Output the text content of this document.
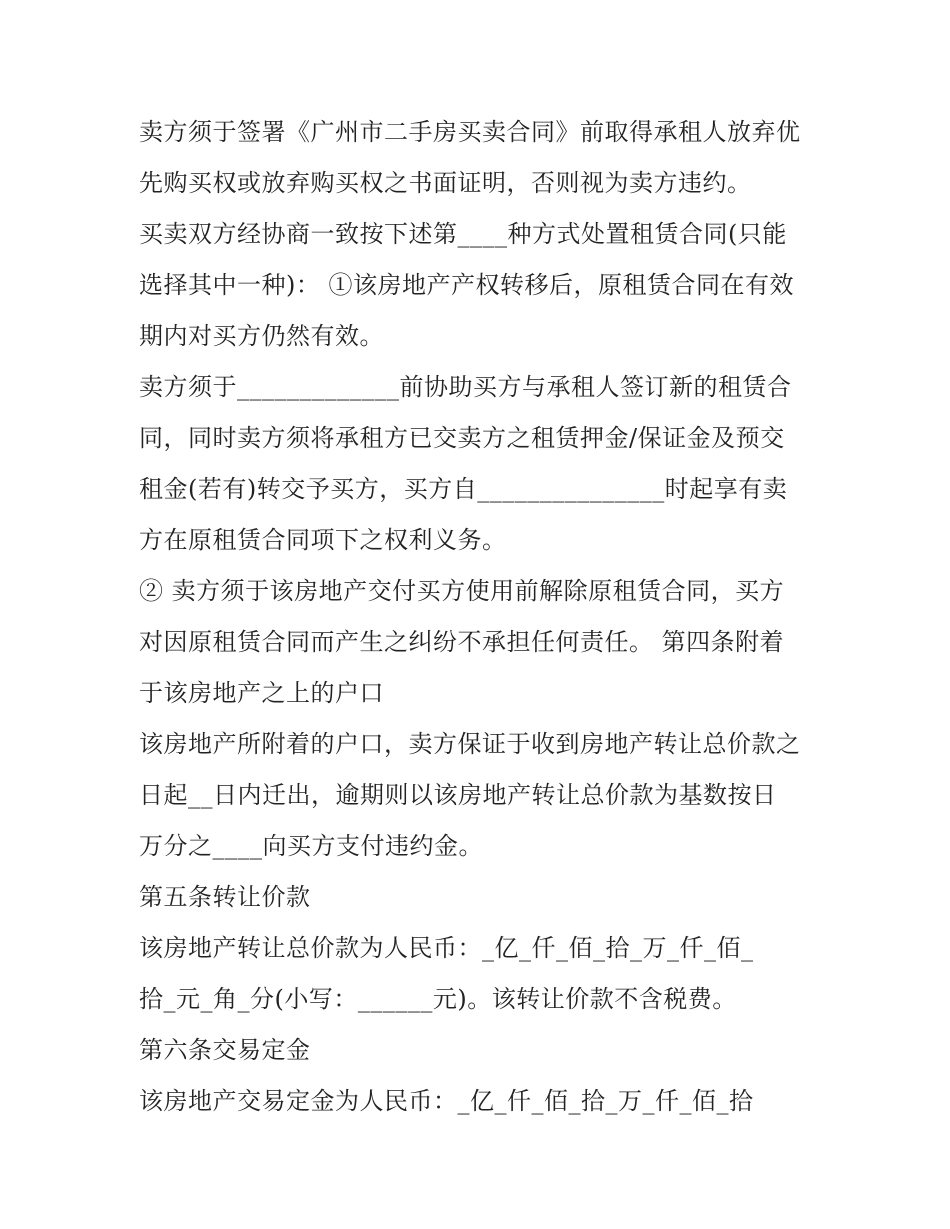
卖方须于签署《广州市二手房买卖合同》前取得承租人放弃优
先购买权或放弃购买权之书面证明，否则视为卖方违约。
买卖双方经协商一致按下述第____种方式处置租赁合同(只能
选择其中一种)： ①该房地产产权转移后，原租赁合同在有效
期内对买方仍然有效。
卖方须于_____________前协助买方与承租人签订新的租赁合
同，同时卖方须将承租方已交卖方之租赁押金/保证金及预交
租金(若有)转交予买方，买方自_______________时起享有卖
方在原租赁合同项下之权利义务。
② 卖方须于该房地产交付买方使用前解除原租赁合同，买方
对因原租赁合同而产生之纠纷不承担任何责任。 第四条附着
于该房地产之上的户口
该房地产所附着的户口，卖方保证于收到房地产转让总价款之
日起__日内迁出，逾期则以该房地产转让总价款为基数按日
万分之____向买方支付违约金。
第五条转让价款
该房地产转让总价款为人民币：_亿_仟_佰_拾_万_仟_佰_
拾_元_角_分(小写：______元)。该转让价款不含税费。
第六条交易定金
该房地产交易定金为人民币：_亿_仟_佰_拾_万_仟_佰_拾
